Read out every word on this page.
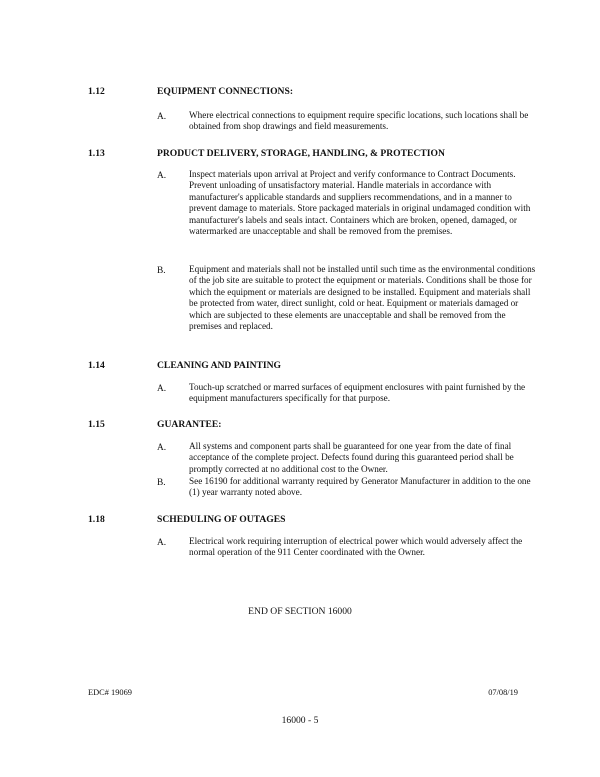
1.12	EQUIPMENT CONNECTIONS:
A. Where electrical connections to equipment require specific locations, such locations shall be obtained from shop drawings and field measurements.
1.13	PRODUCT DELIVERY, STORAGE, HANDLING, & PROTECTION
A. Inspect materials upon arrival at Project and verify conformance to Contract Documents. Prevent unloading of unsatisfactory material. Handle materials in accordance with manufacturer's applicable standards and suppliers recommendations, and in a manner to prevent damage to materials. Store packaged materials in original undamaged condition with manufacturer's labels and seals intact. Containers which are broken, opened, damaged, or watermarked are unacceptable and shall be removed from the premises.
B.	Equipment and materials shall not be installed until such time as the environmental conditions of the job site are suitable to protect the equipment or materials. Conditions shall be those for which the equipment or materials are designed to be installed. Equipment and materials shall be protected from water, direct sunlight, cold or heat. Equipment or materials damaged or which are subjected to these elements are unacceptable and shall be removed from the premises and replaced.
1.14	CLEANING AND PAINTING
A. Touch-up scratched or marred surfaces of equipment enclosures with paint furnished by the equipment manufacturers specifically for that purpose.
1.15	GUARANTEE:
A. All systems and component parts shall be guaranteed for one year from the date of final acceptance of the complete project. Defects found during this guaranteed period shall be promptly corrected at no additional cost to the Owner.
B.	See 16190 for additional warranty required by Generator Manufacturer in addition to the one (1) year warranty noted above.
1.18	SCHEDULING OF OUTAGES
A. Electrical work requiring interruption of electrical power which would adversely affect the normal operation of the 911 Center coordinated with the Owner.
END OF SECTION 16000
EDC# 19069	07/08/19
16000 - 5
